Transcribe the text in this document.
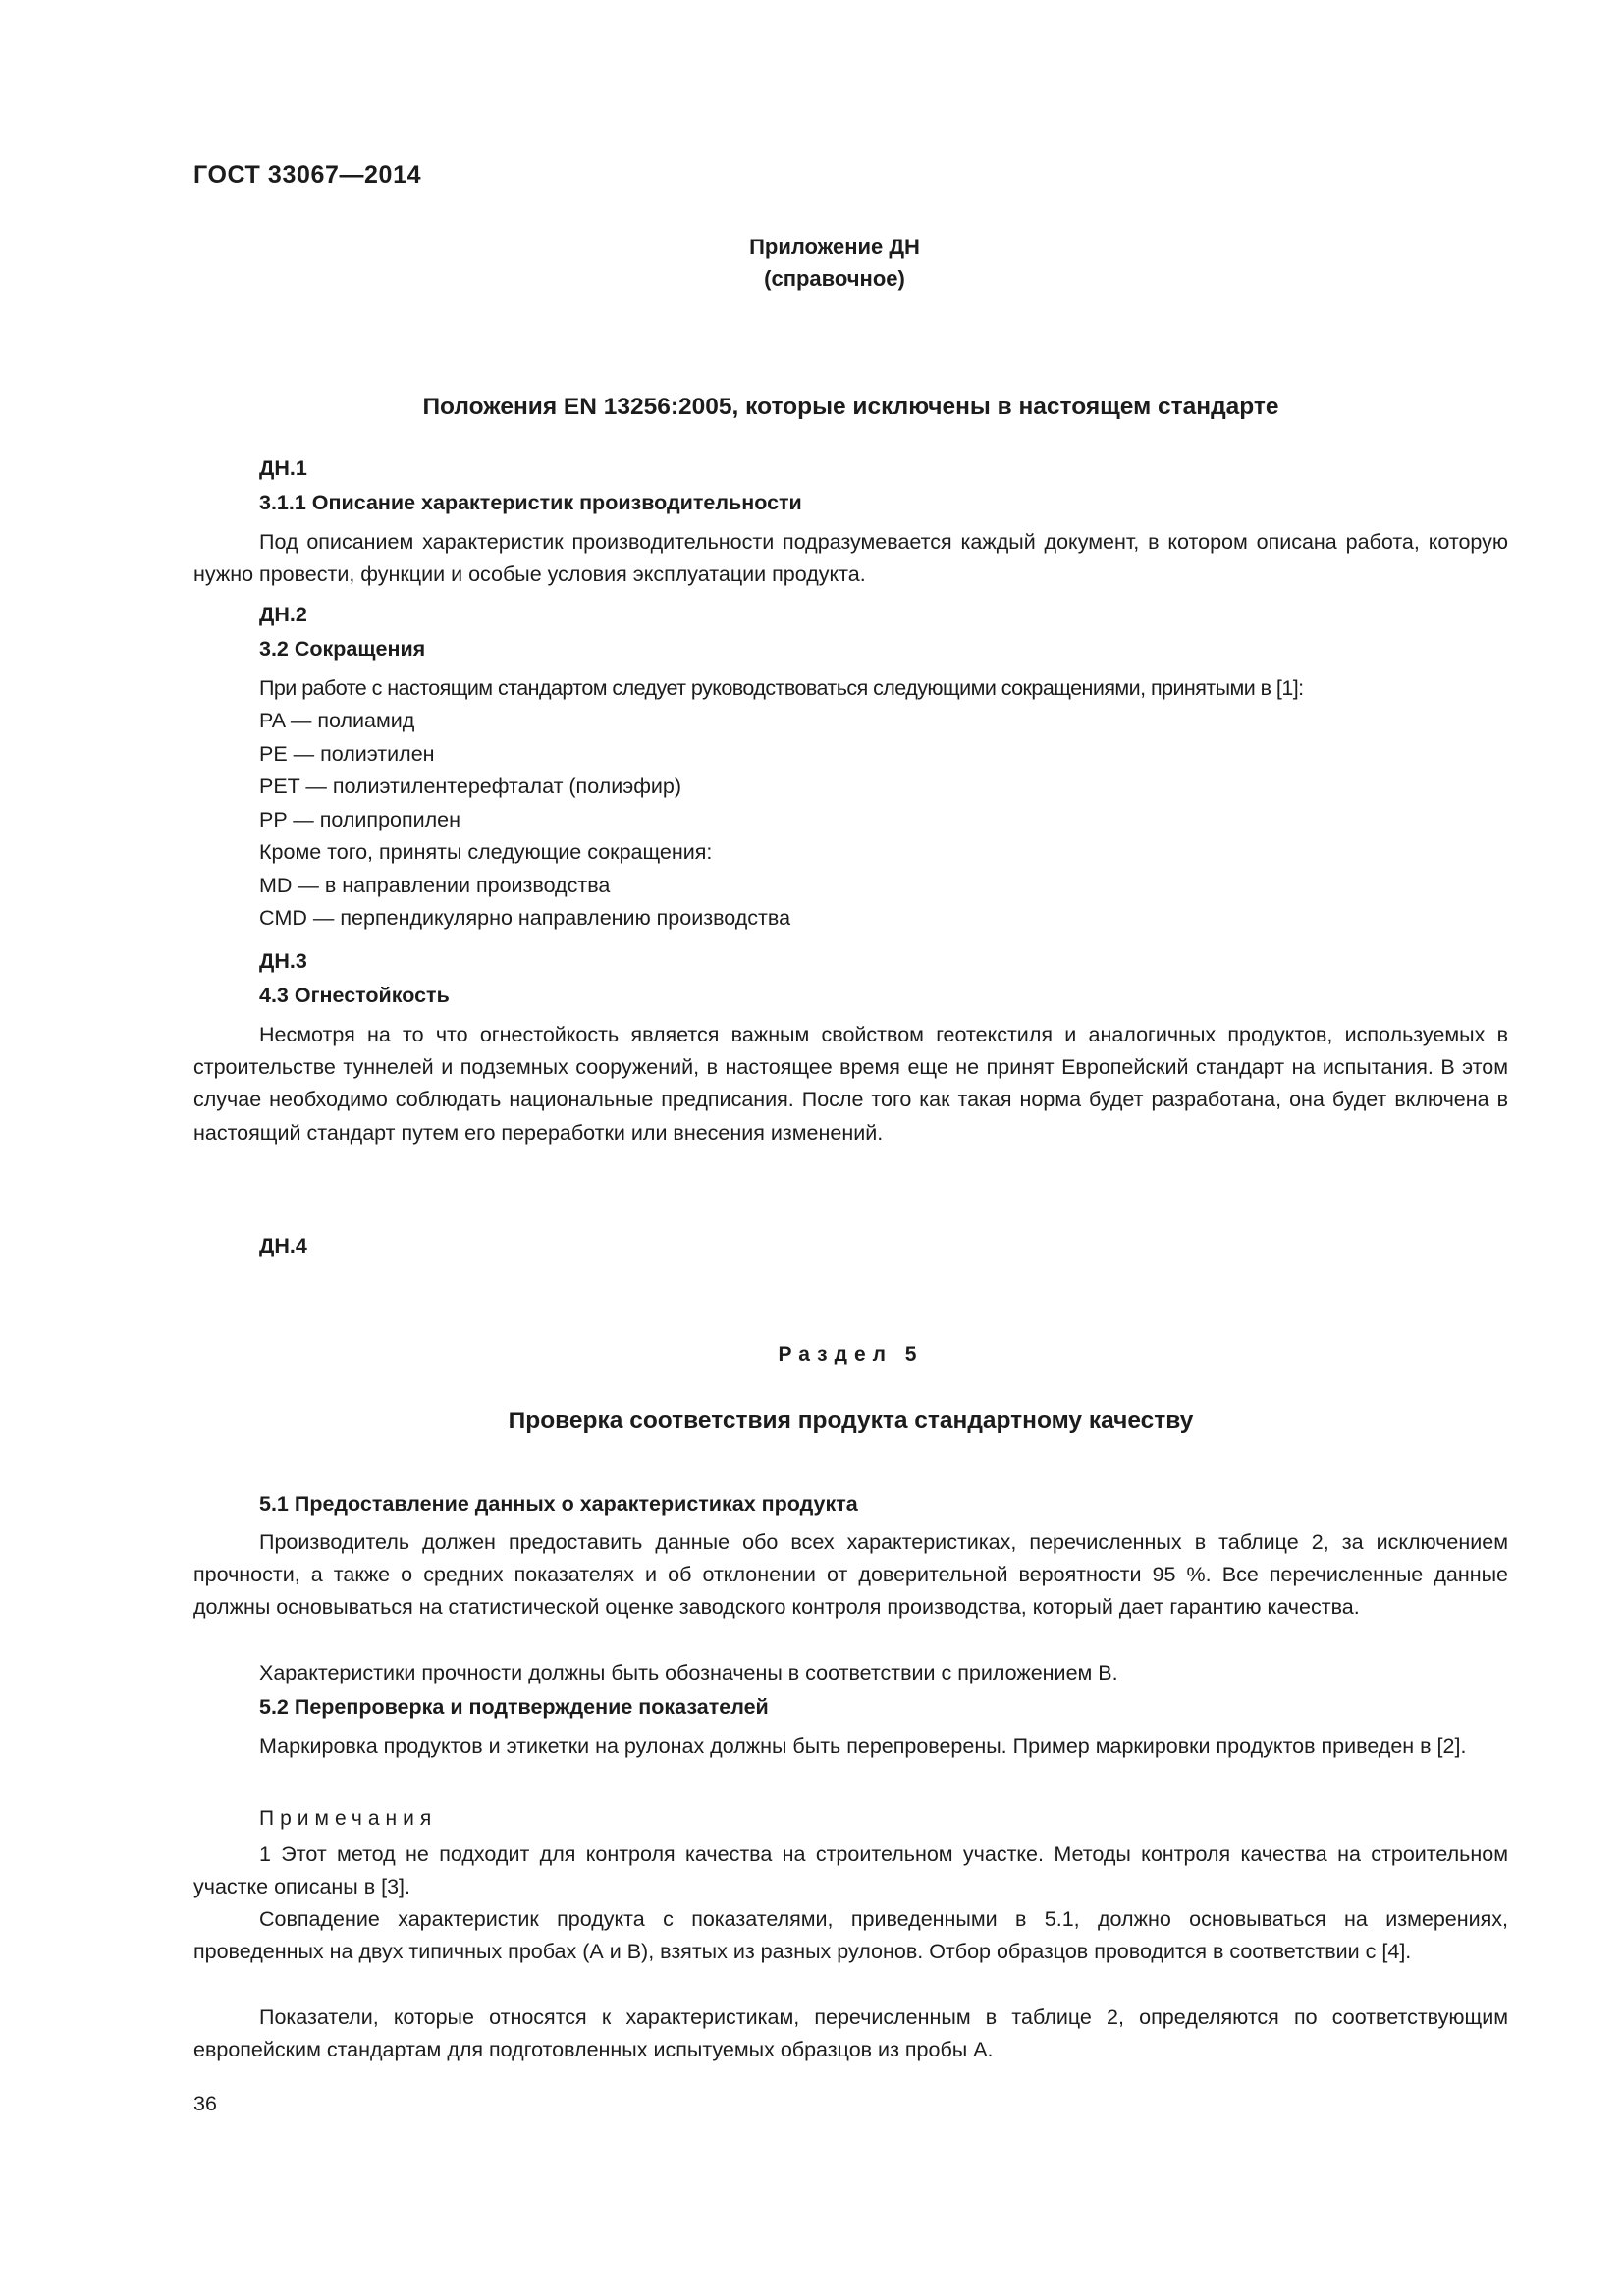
ГОСТ 33067—2014
Приложение ДН
(справочное)
Положения EN 13256:2005, которые исключены в настоящем стандарте
ДН.1
3.1.1 Описание характеристик производительности

Под описанием характеристик производительности подразумевается каждый документ, в котором описана работа, которую нужно провести, функции и особые условия эксплуатации продукта.

ДН.2
3.2 Сокращения

При работе с настоящим стандартом следует руководствоваться следующими сокращениями, принятыми в [1]:

PA — полиамид
PE — полиэтилен
PET — полиэтилентерефталат (полиэфир)
PP — полипропилен
Кроме того, приняты следующие сокращения:
MD — в направлении производства
CMD — перпендикулярно направлению производства
ДН.3
4.3 Огнестойкость

Несмотря на то что огнестойкость является важным свойством геотекстиля и аналогичных продуктов, используемых в строительстве туннелей и подземных сооружений, в настоящее время еще не принят Европейский стандарт на испытания. В этом случае необходимо соблюдать национальные предписания. После того как такая норма будет разработана, она будет включена в настоящий стандарт путем его переработки или внесения изменений.

ДН.4
Раздел 5
Проверка соответствия продукта стандартному качеству
5.1 Предоставление данных о характеристиках продукта

Производитель должен предоставить данные обо всех характеристиках, перечисленных в таблице 2, за исключением прочности, а также о средних показателях и об отклонении от доверительной вероятности 95 %. Все перечисленные данные должны основываться на статистической оценке заводского контроля производства, который дает гарантию качества.

Характеристики прочности должны быть обозначены в соответствии с приложением В.

5.2 Перепроверка и подтверждение показателей

Маркировка продуктов и этикетки на рулонах должны быть перепроверены. Пример маркировки продуктов приведен в [2].

Примечания

1 Этот метод не подходит для контроля качества на строительном участке. Методы контроля качества на строительном участке описаны в [3].

Совпадение характеристик продукта с показателями, приведенными в 5.1, должно основываться на измерениях, проведенных на двух типичных пробах (А и В), взятых из разных рулонов. Отбор образцов проводится в соответствии с [4].

Показатели, которые относятся к характеристикам, перечисленным в таблице 2, определяются по соответствующим европейским стандартам для подготовленных испытуемых образцов из пробы А.

36
